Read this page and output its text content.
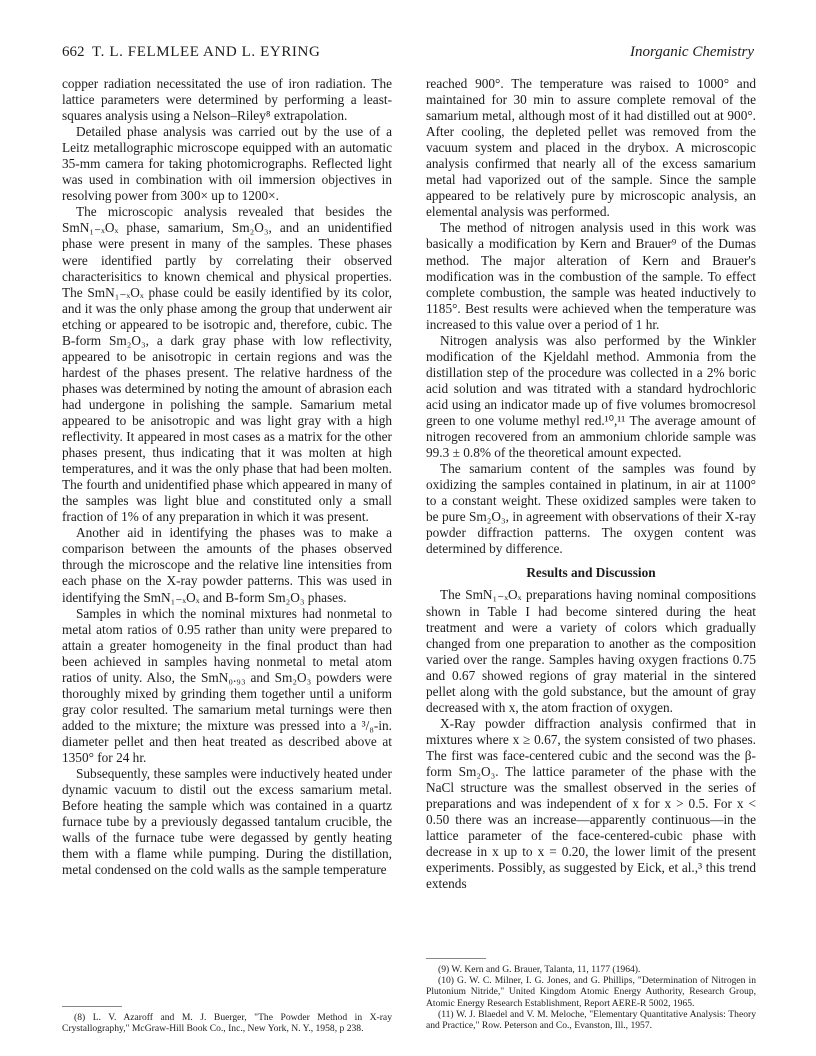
662 T. L. FELMLEE AND L. EYRING	Inorganic Chemistry

copper radiation necessitated the use of iron radiation. The lattice parameters were determined by performing a least-squares analysis using a Nelson–Riley⁸ extrapolation.

Detailed phase analysis was carried out by the use of a Leitz metallographic microscope equipped with an automatic 35-mm camera for taking photomicrographs. Reflected light was used in combination with oil immersion objectives in resolving power from 300× up to 1200×.

The microscopic analysis revealed that besides the SmN₁₋ₓOₓ phase, samarium, Sm₂O₃, and an unidentified phase were present in many of the samples. These phases were identified partly by correlating their observed characterisitics to known chemical and physical properties. The SmN₁₋ₓOₓ phase could be easily identified by its color, and it was the only phase among the group that underwent air etching or appeared to be isotropic and, therefore, cubic. The B-form Sm₂O₃, a dark gray phase with low reflectivity, appeared to be anisotropic in certain regions and was the hardest of the phases present. The relative hardness of the phases was determined by noting the amount of abrasion each had undergone in polishing the sample. Samarium metal appeared to be anisotropic and was light gray with a high reflectivity. It appeared in most cases as a matrix for the other phases present, thus indicating that it was molten at high temperatures, and it was the only phase that had been molten. The fourth and unidentified phase which appeared in many of the samples was light blue and constituted only a small fraction of 1% of any preparation in which it was present.

Another aid in identifying the phases was to make a comparison between the amounts of the phases observed through the microscope and the relative line intensities from each phase on the X-ray powder patterns. This was used in identifying the SmN₁₋ₓOₓ and B-form Sm₂O₃ phases.

Samples in which the nominal mixtures had nonmetal to metal atom ratios of 0.95 rather than unity were prepared to attain a greater homogeneity in the final product than had been achieved in samples having nonmetal to metal atom ratios of unity. Also, the SmN₀.₉₃ and Sm₂O₃ powders were thoroughly mixed by grinding them together until a uniform gray color resulted. The samarium metal turnings were then added to the mixture; the mixture was pressed into a ³/₈-in. diameter pellet and then heat treated as described above at 1350° for 24 hr.

Subsequently, these samples were inductively heated under dynamic vacuum to distil out the excess samarium metal. Before heating the sample which was contained in a quartz furnace tube by a previously degassed tantalum crucible, the walls of the furnace tube were degassed by gently heating them with a flame while pumping. During the distillation, metal condensed on the cold walls as the sample temperature

(8) L. V. Azaroff and M. J. Buerger, "The Powder Method in X-ray Crystallography," McGraw-Hill Book Co., Inc., New York, N. Y., 1958, p 238.

reached 900°. The temperature was raised to 1000° and maintained for 30 min to assure complete removal of the samarium metal, although most of it had distilled out at 900°. After cooling, the depleted pellet was removed from the vacuum system and placed in the drybox. A microscopic analysis confirmed that nearly all of the excess samarium metal had vaporized out of the sample. Since the sample appeared to be relatively pure by microscopic analysis, an elemental analysis was performed.

The method of nitrogen analysis used in this work was basically a modification by Kern and Brauer⁹ of the Dumas method. The major alteration of Kern and Brauer's modification was in the combustion of the sample. To effect complete combustion, the sample was heated inductively to 1185°. Best results were achieved when the temperature was increased to this value over a period of 1 hr.

Nitrogen analysis was also performed by the Winkler modification of the Kjeldahl method. Ammonia from the distillation step of the procedure was collected in a 2% boric acid solution and was titrated with a standard hydrochloric acid using an indicator made up of five volumes bromocresol green to one volume methyl red.¹⁰,¹¹ The average amount of nitrogen recovered from an ammonium chloride sample was 99.3 ± 0.8% of the theoretical amount expected.

The samarium content of the samples was found by oxidizing the samples contained in platinum, in air at 1100° to a constant weight. These oxidized samples were taken to be pure Sm₂O₃, in agreement with observations of their X-ray powder diffraction patterns. The oxygen content was determined by difference.

Results and Discussion

The SmN₁₋ₓOₓ preparations having nominal compositions shown in Table I had become sintered during the heat treatment and were a variety of colors which gradually changed from one preparation to another as the composition varied over the range. Samples having oxygen fractions 0.75 and 0.67 showed regions of gray material in the sintered pellet along with the gold substance, but the amount of gray decreased with x, the atom fraction of oxygen.

X-Ray powder diffraction analysis confirmed that in mixtures where x ≥ 0.67, the system consisted of two phases. The first was face-centered cubic and the second was the β-form Sm₂O₃. The lattice parameter of the phase with the NaCl structure was the smallest observed in the series of preparations and was independent of x for x > 0.5. For x < 0.50 there was an increase—apparently continuous—in the lattice parameter of the face-centered-cubic phase with decrease in x up to x = 0.20, the lower limit of the present experiments. Possibly, as suggested by Eick, et al.,³ this trend extends

(9) W. Kern and G. Brauer, Talanta, 11, 1177 (1964).

(10) G. W. C. Milner, I. G. Jones, and G. Phillips, "Determination of Nitrogen in Plutonium Nitride," United Kingdom Atomic Energy Authority, Research Group, Atomic Energy Research Establishment, Report AERE-R 5002, 1965.

(11) W. J. Blaedel and V. M. Meloche, "Elementary Quantitative Analysis: Theory and Practice," Row. Peterson and Co., Evanston, Ill., 1957.
